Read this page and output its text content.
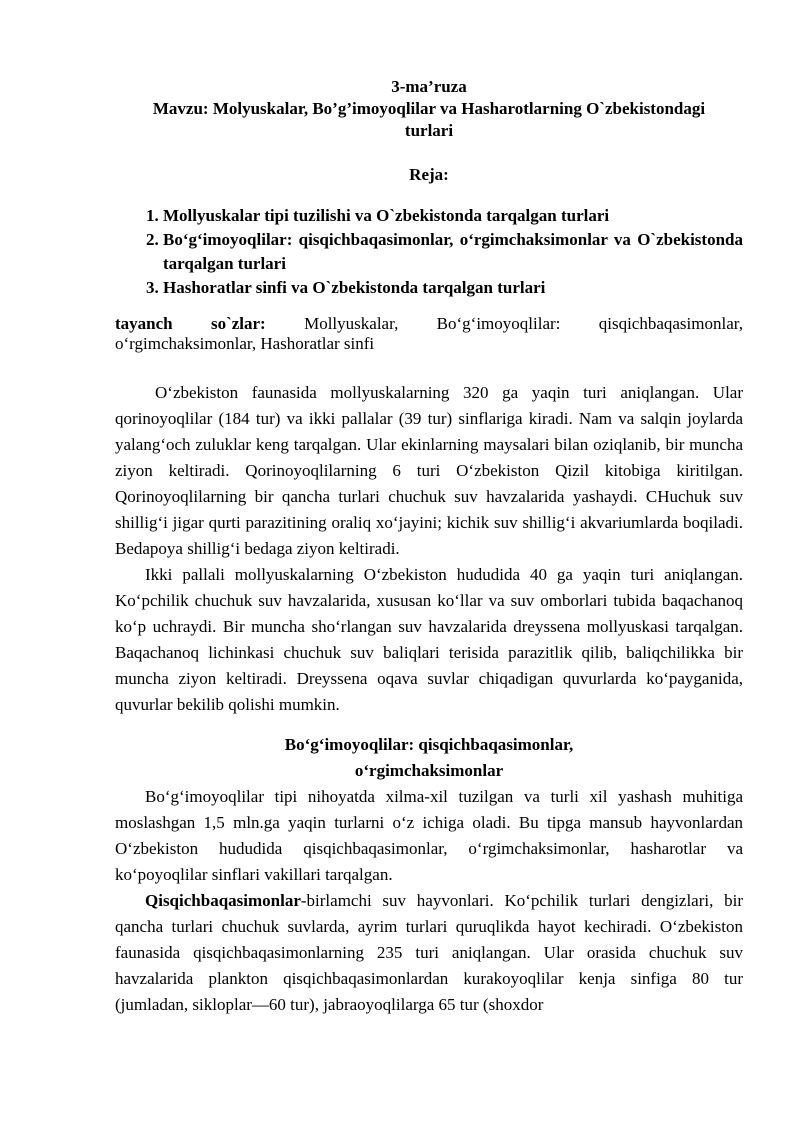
3-ma’ruza
Mavzu: Molyuskalar, Bo’g’imoyoqlilar va Hasharotlarning O`zbekistondagi
turlari
Reja:
1. Mollyuskalar tipi tuzilishi va O`zbekistonda tarqalgan turlari
2. Bo‘g‘imoyoqlilar: qisqichbaqasimonlar, o‘rgimchaksimonlar va O`zbekistonda tarqalgan turlari
3. Hashoratlar sinfi va O`zbekistonda tarqalgan turlari
tayanch so`zlar: Mollyuskalar, Bo‘g‘imoyoqlilar: qisqichbaqasimonlar, o‘rgimchaksimonlar, Hashoratlar sinfi

O‘zbekiston faunasida mollyuskalarning 320 ga yaqin turi aniqlangan. Ular qorinoyoqlilar (184 tur) va ikki pallalar (39 tur) sinflariga kiradi. Nam va salqin joylarda yalang‘och zuluklar keng tarqalgan. Ular ekinlarning maysalari bilan oziqlanib, bir muncha ziyon keltiradi. Qorinoyoqlilarning 6 turi O‘zbekiston Qizil kitobiga kiritilgan. Qorinoyoqlilarning bir qancha turlari chuchuk suv havzalarida yashaydi. CHuchuk suv shillig‘i jigar qurti parazitining oraliq xo‘jayini; kichik suv shillig‘i akvariumlarda boqiladi. Bedapoya shillig‘i bedaga ziyon keltiradi.

Ikki pallali mollyuskalarning O‘zbekiston hududida 40 ga yaqin turi aniqlangan. Ko‘pchilik chuchuk suv havzalarida, xususan ko‘llar va suv omborlari tubida baqachanoq ko‘p uchraydi. Bir muncha sho‘rlangan suv havzalarida dreyssena mollyuskasi tarqalgan. Baqachanoq lichinkasi chuchuk suv baliqlari terisida parazitlik qilib, baliqchilikka bir muncha ziyon keltiradi. Dreyssena oqava suvlar chiqadigan quvurlarda ko‘payganida, quvurlar bekilib qolishi mumkin.

Bo‘g‘imoyoqlilar: qisqichbaqasimonlar,
o‘rgimchaksimonlar

Bo‘g‘imoyoqlilar tipi nihoyatda xilma-xil tuzilgan va turli xil yashash muhitiga moslashgan 1,5 mln.ga yaqin turlarni o‘z ichiga oladi. Bu tipga mansub hayvonlardan O‘zbekiston hududida qisqichbaqasimonlar, o‘rgimchaksimonlar, hasharotlar va ko‘poyoqlilar sinflari vakillari tarqalgan.

Qisqichbaqasimonlar-birlamchi suv hayvonlari. Ko‘pchilik turlari dengizlari, bir qancha turlari chuchuk suvlarda, ayrim turlari quruqlikda hayot kechiradi. O‘zbekiston faunasida qisqichbaqasimonlarning 235 turi aniqlangan. Ular orasida chuchuk suv havzalarida plankton qisqichbaqasimonlardan kurakoyoqlilar kenja sinfiga 80 tur (jumladan, sikloplar—60 tur), jabraoyoqlilarga 65 tur (shoxdor
